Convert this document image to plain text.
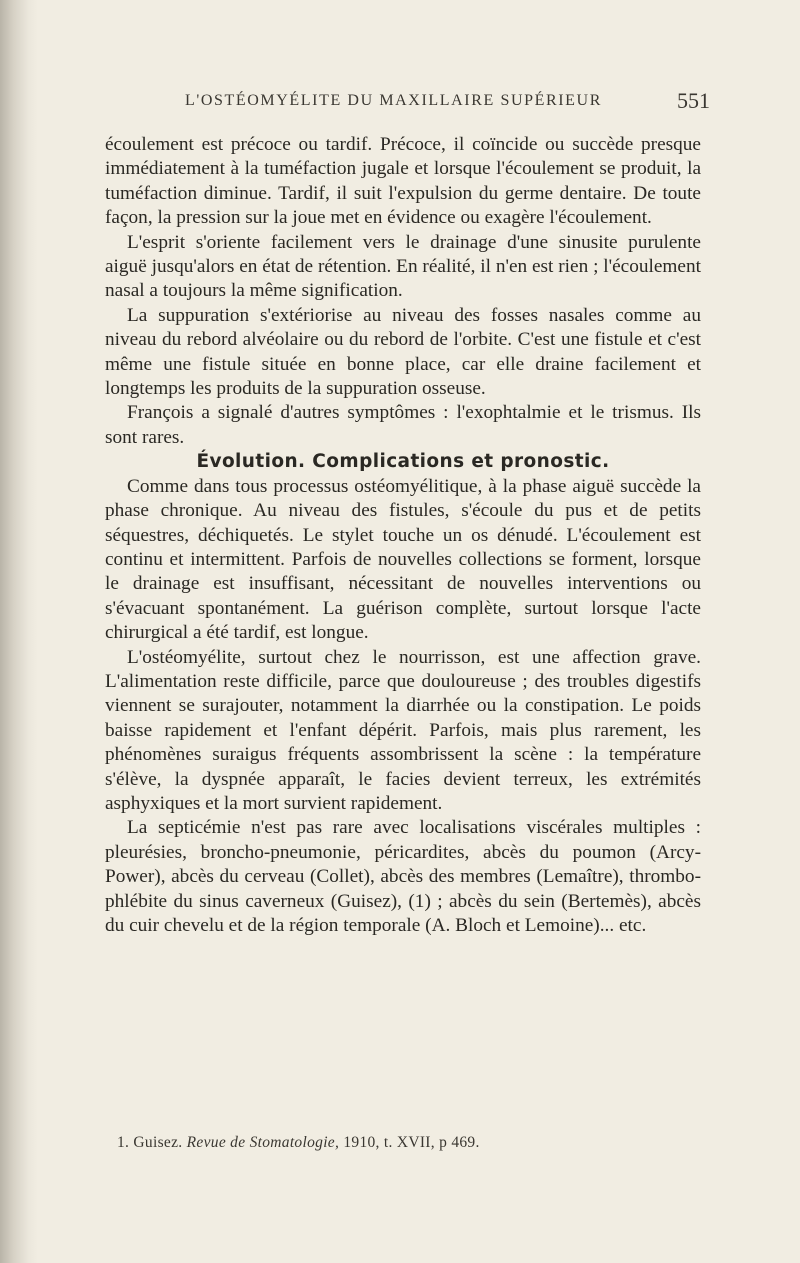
L'OSTÉOMYÉLITE DU MAXILLAIRE SUPÉRIEUR	551

écoulement est précoce ou tardif. Précoce, il coïncide ou succède presque immédiatement à la tuméfaction jugale et lorsque l'écoulement se produit, la tuméfaction diminue. Tardif, il suit l'expulsion du germe dentaire. De toute façon, la pression sur la joue met en évidence ou exagère l'écoulement.

L'esprit s'oriente facilement vers le drainage d'une sinusite purulente aiguë jusqu'alors en état de rétention. En réalité, il n'en est rien ; l'écoulement nasal a toujours la même signification.

La suppuration s'extériorise au niveau des fosses nasales comme au niveau du rebord alvéolaire ou du rebord de l'orbite. C'est une fistule et c'est même une fistule située en bonne place, car elle draine facilement et longtemps les produits de la suppuration osseuse.

François a signalé d'autres symptômes : l'exophtalmie et le trismus. Ils sont rares.

Évolution. Complications et pronostic.

Comme dans tous processus ostéomyélitique, à la phase aiguë succède la phase chronique. Au niveau des fistules, s'écoule du pus et de petits séquestres, déchiquetés. Le stylet touche un os dénudé. L'écoulement est continu et intermittent. Parfois de nouvelles collections se forment, lorsque le drainage est insuffisant, nécessitant de nouvelles interventions ou s'évacuant spontanément. La guérison complète, surtout lorsque l'acte chirurgical a été tardif, est longue.

L'ostéomyélite, surtout chez le nourrisson, est une affection grave. L'alimentation reste difficile, parce que douloureuse ; des troubles digestifs viennent se surajouter, notamment la diarrhée ou la constipation. Le poids baisse rapidement et l'enfant dépérit. Parfois, mais plus rarement, les phénomènes suraigus fréquents assombrissent la scène : la température s'élève, la dyspnée apparaît, le facies devient terreux, les extrémités asphyxiques et la mort survient rapidement.

La septicémie n'est pas rare avec localisations viscérales multiples : pleurésies, broncho-pneumonie, péricardites, abcès du poumon (Arcy-Power), abcès du cerveau (Collet), abcès des membres (Lemaître), thrombo-phlébite du sinus caverneux (Guisez), (1) ; abcès du sein (Bertemès), abcès du cuir chevelu et de la région temporale (A. Bloch et Lemoine)... etc.

1. Guisez. Revue de Stomatologie, 1910, t. XVII, p 469.
